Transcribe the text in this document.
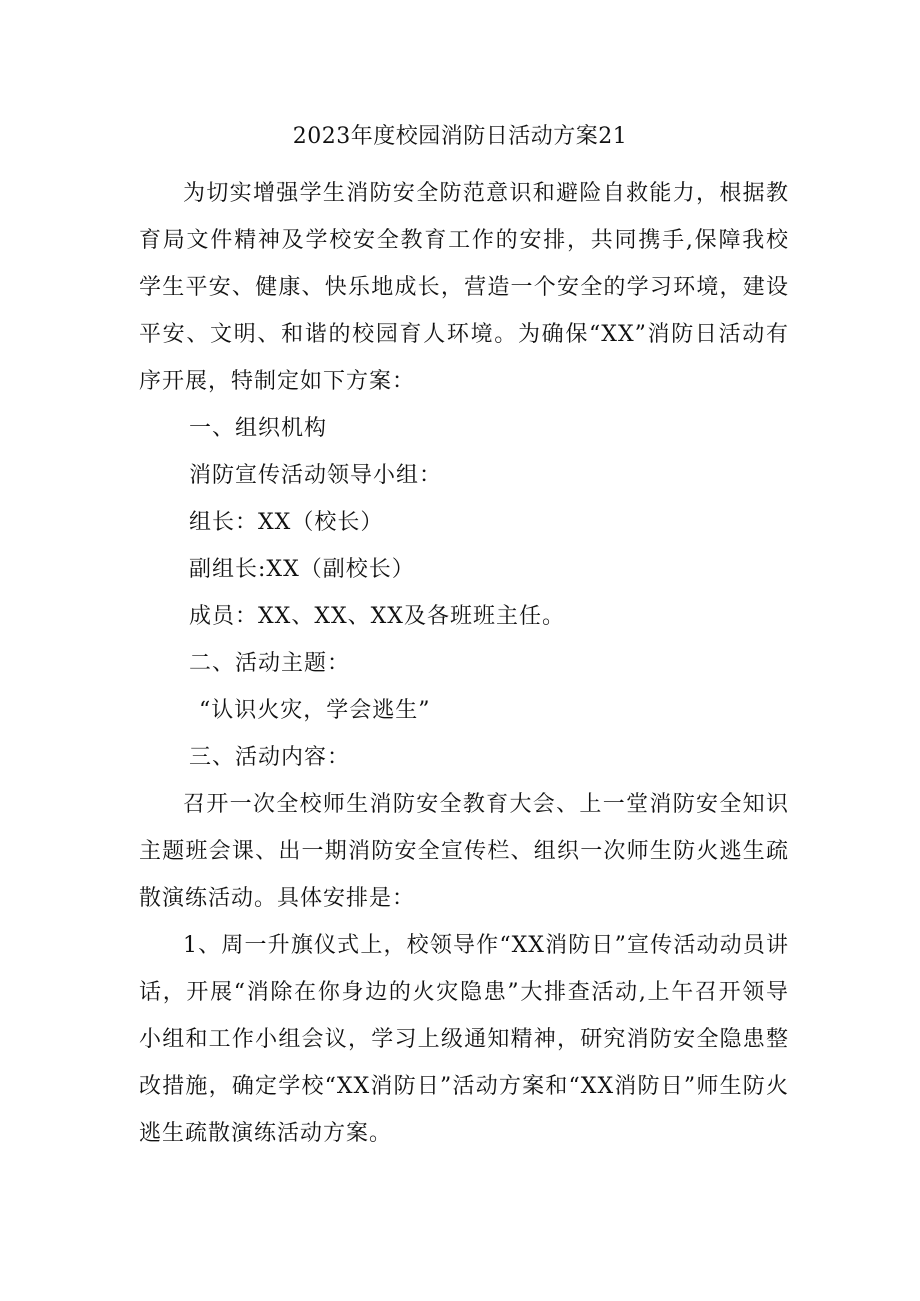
2023年度校园消防日活动方案21

为切实增强学生消防安全防范意识和避险自救能力，根据教育局文件精神及学校安全教育工作的安排，共同携手,保障我校学生平安、健康、快乐地成长，营造一个安全的学习环境，建设平安、文明、和谐的校园育人环境。为确保“XX”消防日活动有序开展，特制定如下方案：

一、组织机构

消防宣传活动领导小组：

组长：XX（校长）

副组长:XX（副校长）

成员：XX、XX、XX及各班班主任。

二、活动主题：

“认识火灾，学会逃生”

三、活动内容：

召开一次全校师生消防安全教育大会、上一堂消防安全知识主题班会课、出一期消防安全宣传栏、组织一次师生防火逃生疏散演练活动。具体安排是：

1、周一升旗仪式上，校领导作“XX消防日”宣传活动动员讲话，开展“消除在你身边的火灾隐患”大排查活动,上午召开领导小组和工作小组会议，学习上级通知精神，研究消防安全隐患整改措施，确定学校“XX消防日”活动方案和“XX消防日”师生防火逃生疏散演练活动方案。
